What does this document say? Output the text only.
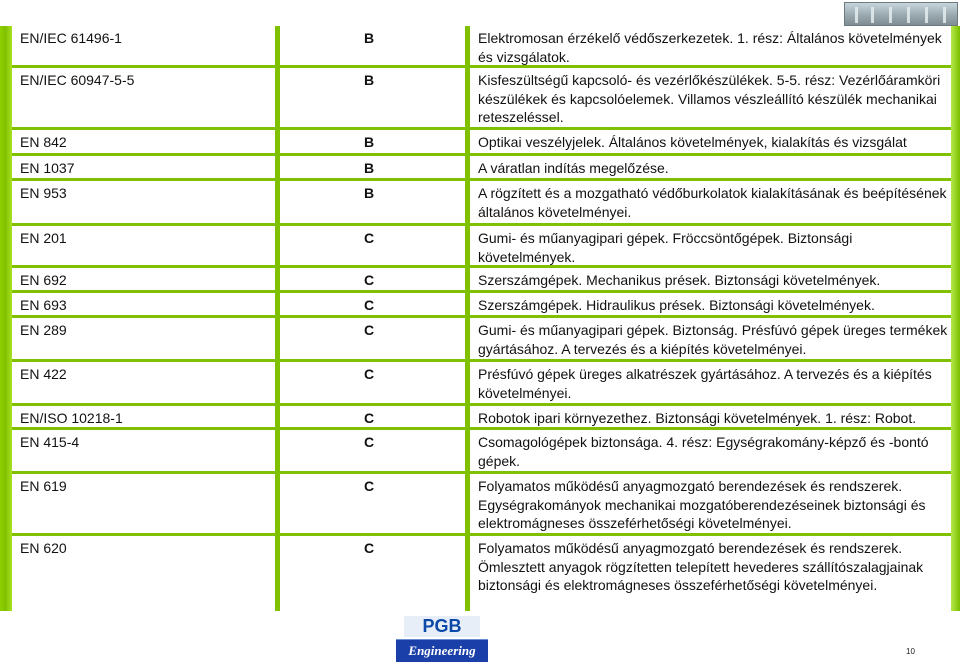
EN/IEC 61496-1	B	Elektromosan érzékelő védőszerkezetek. 1. rész: Általános követelmények és vizsgálatok.
EN/IEC 60947-5-5	B	Kisfeszültségű kapcsoló- és vezérlőkészülékek. 5-5. rész: Vezérlőáramköri készülékek és kapcsolóelemek. Villamos vészleállító készülék mechanikai reteszeléssel.
EN 842	B	Optikai veszélyjelek. Általános követelmények, kialakítás és vizsgálat
EN 1037	B	A váratlan indítás megelőzése.
EN 953	B	A rögzített és a mozgatható védőburkolatok kialakításának és beépítésének általános követelményei.
EN 201	C	Gumi- és műanyagipari gépek. Fröccsöntőgépek. Biztonsági követelmények.
EN 692	C	Szerszámgépek. Mechanikus prések. Biztonsági követelmények.
EN 693	C	Szerszámgépek. Hidraulikus prések. Biztonsági követelmények.
EN 289	C	Gumi- és műanyagipari gépek. Biztonság. Présfúvó gépek üreges termékek gyártásához. A tervezés és a kiépítés követelményei.
EN 422	C	Présfúvó gépek üreges alkatrészek gyártásához. A tervezés és a kiépítés követelményei.
EN/ISO 10218-1	C	Robotok ipari környezethez. Biztonsági követelmények. 1. rész: Robot.
EN 415-4	C	Csomagológépek biztonsága. 4. rész: Egységrakomány-képző és -bontó gépek.
EN 619	C	Folyamatos működésű anyagmozgató berendezések és rendszerek. Egységrakományok mechanikai mozgatóberendezéseinek biztonsági és elektromágneses összeférhetőségi követelményei.
EN 620	C	Folyamatos működésű anyagmozgató berendezések és rendszerek. Ömlesztett anyagok rögzítetten telepített hevederes szállítószalagjainak biztonsági és elektromágneses összeférhetőségi követelményei.
PGB
Engineering	10
